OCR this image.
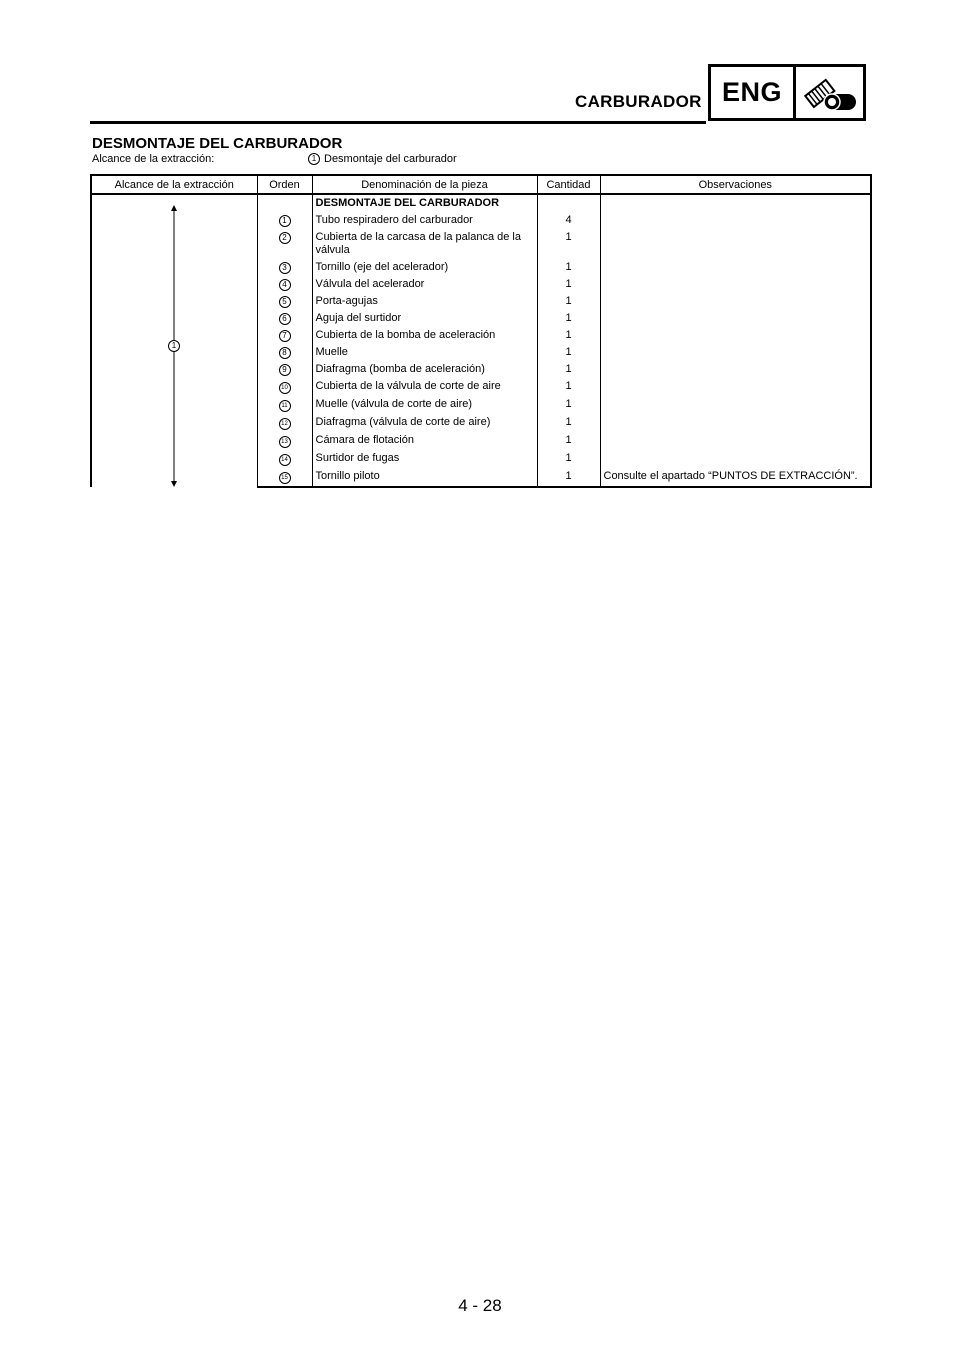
CARBURADOR ENG
DESMONTAJE DEL CARBURADOR
Alcance de la extracción:	1 Desmontaje del carburador
Alcance de la extracción	Orden	Denominación de la pieza	Cantidad	Observaciones

1		DESMONTAJE DEL CARBURADOR		
	1	Tubo respiradero del carburador	4	
	2	Cubierta de la carcasa de la palanca de la válvula	1	
	3	Tornillo (eje del acelerador)	1	
	4	Válvula del acelerador	1	
	5	Porta-agujas	1	
	6	Aguja del surtidor	1	
	7	Cubierta de la bomba de aceleración	1	
	8	Muelle	1	
	9	Diafragma (bomba de aceleración)	1	
	10	Cubierta de la válvula de corte de aire	1	
	11	Muelle (válvula de corte de aire)	1	
	12	Diafragma (válvula de corte de aire)	1	
	13	Cámara de flotación	1	
	14	Surtidor de fugas	1	
	15	Tornillo piloto	1	Consulte el apartado “PUNTOS DE EXTRACCIÓN”.
4 - 28
